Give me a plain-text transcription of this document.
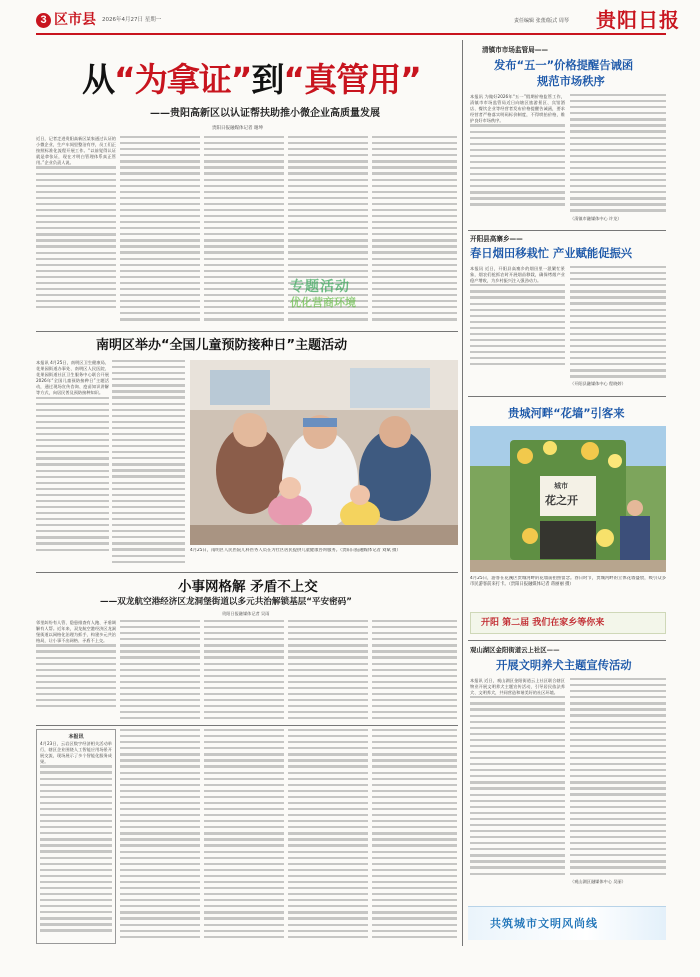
3 区市县 2026年4月27日 星期一	责任编辑 张蕾/版式 周琴 贵阳日报
从“为拿证”到“真管用”
——贵阳高新区以认证帮扶助推小微企业高质量发展
贵阳日报融媒体记者 谢坤
近日，记者走进贵阳高新区某家通过认证的小微企业，生产车间里整洁有序，员工们正按照标准化流程开展工作。“以前觉得认证就是拿张证，现在才明白管理体系真正管用。”企业负责人说。
专题活动
优化营商环境
南明区举办“全国儿童预防接种日”主题活动
本报讯 4月25日，南明区卫生健康局、花果园街道办事处、南明区人民医院、花果园街道社区卫生服务中心联合开展2026年“全国儿童预防接种日”主题活动，通过现场宣传咨询、疫苗知识讲解等方式，向居民普及预防接种知识。
4月25日，南明区人民医院儿科医务人员在为社区居民提供儿童健康咨询服务。（贵阳日报融媒体记者 刘斌 摄）
小事网格解 矛盾不上交
——双龙航空港经济区龙洞堡街道以多元共治解锁基层“平安密码”
贵阳日报融媒体记者 吴雨
邻里纠纷有人管、隐患排查有人跑、矛盾调解有人帮。近年来，双龙航空港经济区龙洞堡街道以网格化治理为抓手，构建多元共治格局，让小事不出网格、矛盾不上交。
本报讯
4月23日，云岩区数字经济相关活动举行，辖区企业围绕人工智能应用场景开展交流，现场展示了多个智能化服务成果。
清镇市市场监管局——
发布“五一”价格提醒告诫函
规范市场秩序
本报讯 为做好2026年“五一”假期价格监管工作，清镇市市场监管局近日向辖区旅游景区、宾馆酒店、餐饮企业等经营者发布价格提醒告诫函，要求经营者严格落实明码标价制度，不得哄抬价格，维护良好市场秩序。
（清镇市融媒体中心 许龙）
开阳县高寨乡——
春日烟田移栽忙 产业赋能促振兴
本报讯 近日，开阳县高寨乡的烟田里一派繁忙景象，烟农们抢抓农时开展烟苗移栽，确保烤烟产业稳产增收，为乡村振兴注入强劲动力。
（开阳县融媒体中心 程晓婷）
贵城河畔“花墙”引客来
城市
花之开
4月25日，游客在花溪区贵城河畔的花墙前拍照留念。春日时节，贵城河畔的立体花墙盛放，吸引众多市民游客前来打卡。（贵阳日报融媒体记者 蒋丽丽 摄）
开阳 第二届 我们在家乡等你来
观山湖区金阳街道云上社区——
开展文明养犬主题宣传活动
本报讯 近日，观山湖区金阳街道云上社区联合辖区物业开展文明养犬主题宣传活动，引导居民依法养犬、文明养犬，共同营造和谐美好的社区环境。
（观山湖区融媒体中心 吴丽）
共筑城市文明风尚线
